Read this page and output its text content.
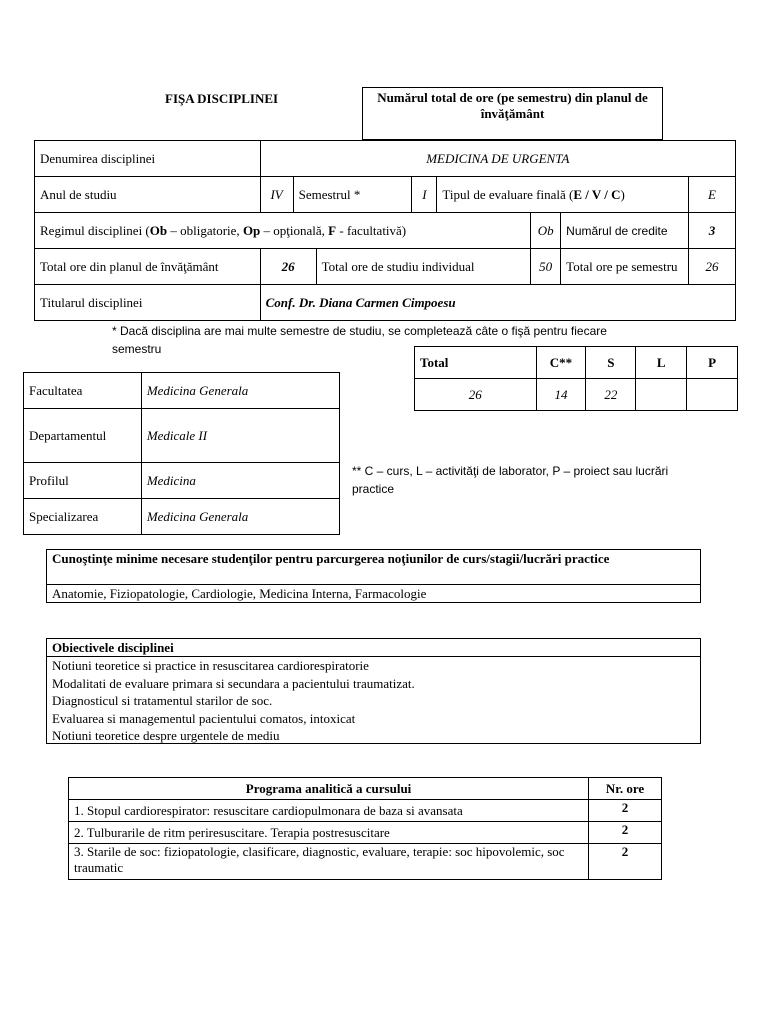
FIŞA DISCIPLINEI	Numărul total de ore (pe semestru) din planul de învăţământ
Denumirea disciplinei	MEDICINA DE URGENTA							
Anul de studiu	IV	Semestrul *		I	Tipul de evaluare finală (E / V / C)			E
Regimul disciplinei (Ob – obligatorie, Op – opţională, F - facultativă)						Ob	Numărul de credite	3
Total ore din planul de învăţământ	26		Total ore de studiu individual			50	Total ore pe semestru	26
Titularul disciplinei	Conf. Dr. Diana Carmen Cimpoesu							
* Dacă disciplina are mai multe semestre de studiu, se completează câte o fişă pentru fiecare semestru
Total	C**	S	L	P
26	14	22		
Facultatea	Medicina Generala
Departamentul	Medicale II
Profilul	Medicina
Specializarea	Medicina Generala
** C – curs, L – activităţi de laborator, P – proiect sau lucrări practice
Cunoştinţe minime necesare studenţilor pentru parcurgerea noţiunilor de curs/stagii/lucrări practice
Anatomie, Fiziopatologie, Cardiologie, Medicina Interna, Farmacologie
Obiectivele disciplinei
Notiuni teoretice si practice in resuscitarea cardiorespiratorie
Modalitati de evaluare primara si secundara a pacientului traumatizat.
Diagnosticul si tratamentul starilor de soc.
Evaluarea si managementul pacientului comatos, intoxicat
Notiuni teoretice despre urgentele de mediu
Programa analitică a cursului	Nr. ore
1. Stopul cardiorespirator: resuscitare cardiopulmonara de baza si avansata	2
2. Tulburarile de ritm periresuscitare. Terapia postresuscitare	2
3. Starile de soc: fiziopatologie, clasificare, diagnostic, evaluare, terapie: soc hipovolemic, soc traumatic	2
